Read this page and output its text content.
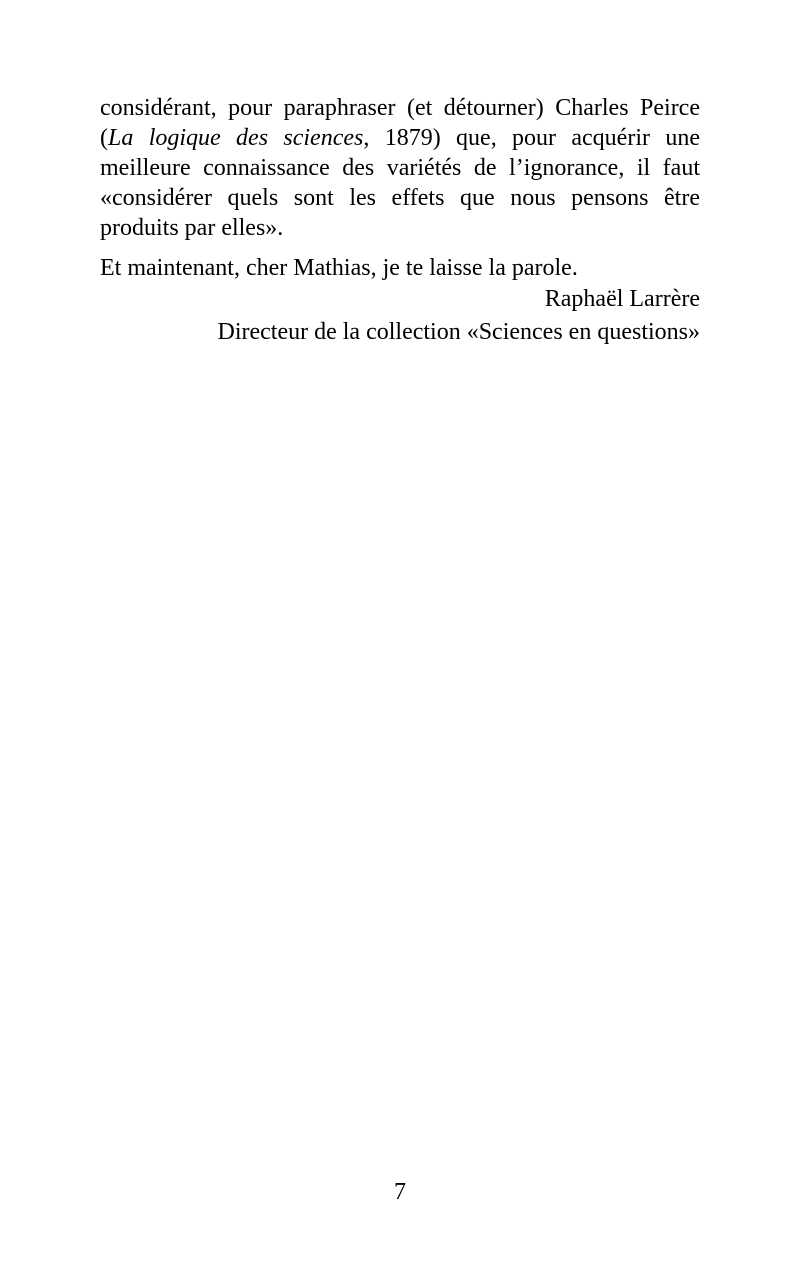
considérant, pour paraphraser (et détourner) Charles Peirce (La logique des sciences, 1879) que, pour acquérir une meilleure connaissance des variétés de l’ignorance, il faut «considérer quels sont les effets que nous pensons être produits par elles».

Et maintenant, cher Mathias, je te laisse la parole.

Raphaël Larrère
Directeur de la collection «Sciences en questions»
7
